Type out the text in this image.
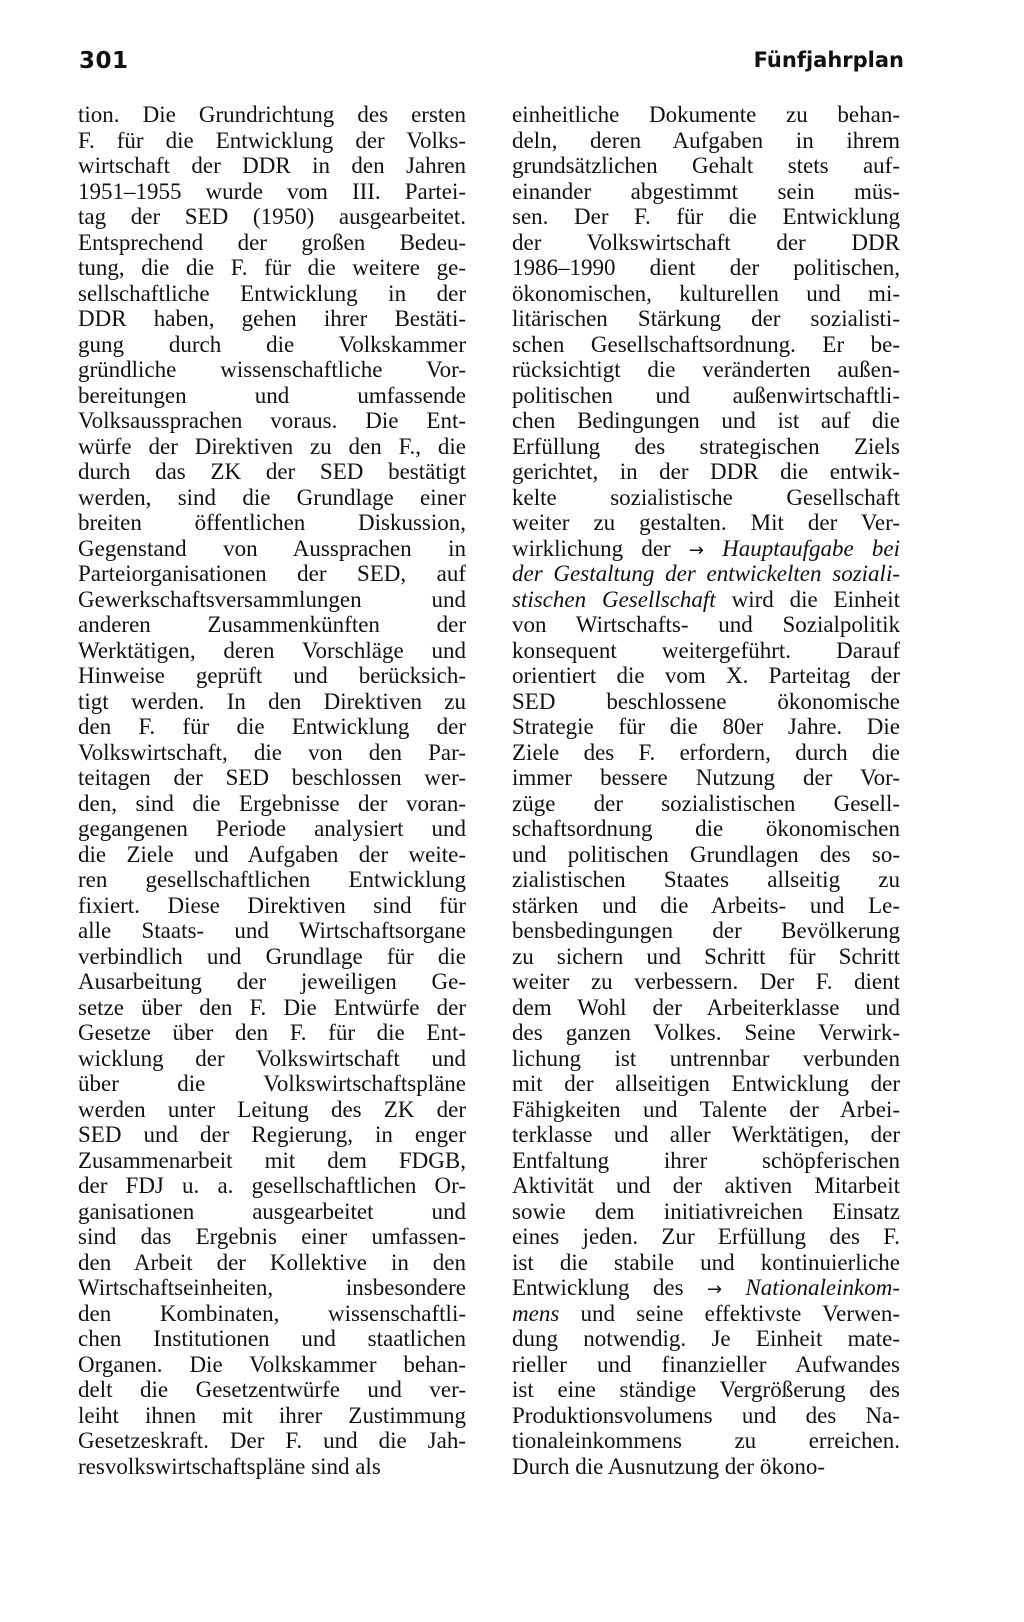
301	Fünfjahrplan
tion. Die Grundrichtung des ersten
F. für die Entwicklung der Volks-
wirtschaft der DDR in den Jahren
1951–1955 wurde vom III. Partei-
tag der SED (1950) ausgearbeitet.
Entsprechend der großen Bedeu-
tung, die die F. für die weitere ge-
sellschaftliche Entwicklung in der
DDR haben, gehen ihrer Bestäti-
gung durch die Volkskammer
gründliche wissenschaftliche Vor-
bereitungen und umfassende
Volksaussprachen voraus. Die Ent-
würfe der Direktiven zu den F., die
durch das ZK der SED bestätigt
werden, sind die Grundlage einer
breiten öffentlichen Diskussion,
Gegenstand von Aussprachen in
Parteiorganisationen der SED, auf
Gewerkschaftsversammlungen und
anderen Zusammenkünften der
Werktätigen, deren Vorschläge und
Hinweise geprüft und berücksich-
tigt werden. In den Direktiven zu
den F. für die Entwicklung der
Volkswirtschaft, die von den Par-
teitagen der SED beschlossen wer-
den, sind die Ergebnisse der voran-
gegangenen Periode analysiert und
die Ziele und Aufgaben der weite-
ren gesellschaftlichen Entwicklung
fixiert. Diese Direktiven sind für
alle Staats- und Wirtschaftsorgane
verbindlich und Grundlage für die
Ausarbeitung der jeweiligen Ge-
setze über den F. Die Entwürfe der
Gesetze über den F. für die Ent-
wicklung der Volkswirtschaft und
über die Volkswirtschaftspläne
werden unter Leitung des ZK der
SED und der Regierung, in enger
Zusammenarbeit mit dem FDGB,
der FDJ u. a. gesellschaftlichen Or-
ganisationen ausgearbeitet und
sind das Ergebnis einer umfassen-
den Arbeit der Kollektive in den
Wirtschaftseinheiten, insbesondere
den Kombinaten, wissenschaftli-
chen Institutionen und staatlichen
Organen. Die Volkskammer behan-
delt die Gesetzentwürfe und ver-
leiht ihnen mit ihrer Zustimmung
Gesetzeskraft. Der F. und die Jah-
resvolkswirtschaftspläne sind als
einheitliche Dokumente zu behan-
deln, deren Aufgaben in ihrem
grundsätzlichen Gehalt stets auf-
einander abgestimmt sein müs-
sen. Der F. für die Entwicklung
der Volkswirtschaft der DDR
1986–1990 dient der politischen,
ökonomischen, kulturellen und mi-
litärischen Stärkung der sozialisti-
schen Gesellschaftsordnung. Er be-
rücksichtigt die veränderten außen-
politischen und außenwirtschaftli-
chen Bedingungen und ist auf die
Erfüllung des strategischen Ziels
gerichtet, in der DDR die entwik-
kelte sozialistische Gesellschaft
weiter zu gestalten. Mit der Ver-
wirklichung der → Hauptaufgabe bei
der Gestaltung der entwickelten soziali-
stischen Gesellschaft wird die Einheit
von Wirtschafts- und Sozialpolitik
konsequent weitergeführt. Darauf
orientiert die vom X. Parteitag der
SED beschlossene ökonomische
Strategie für die 80er Jahre. Die
Ziele des F. erfordern, durch die
immer bessere Nutzung der Vor-
züge der sozialistischen Gesell-
schaftsordnung die ökonomischen
und politischen Grundlagen des so-
zialistischen Staates allseitig zu
stärken und die Arbeits- und Le-
bensbedingungen der Bevölkerung
zu sichern und Schritt für Schritt
weiter zu verbessern. Der F. dient
dem Wohl der Arbeiterklasse und
des ganzen Volkes. Seine Verwirk-
lichung ist untrennbar verbunden
mit der allseitigen Entwicklung der
Fähigkeiten und Talente der Arbei-
terklasse und aller Werktätigen, der
Entfaltung ihrer schöpferischen
Aktivität und der aktiven Mitarbeit
sowie dem initiativreichen Einsatz
eines jeden. Zur Erfüllung des F.
ist die stabile und kontinuierliche
Entwicklung des → Nationaleinkom-
mens und seine effektivste Verwen-
dung notwendig. Je Einheit mate-
rieller und finanzieller Aufwandes
ist eine ständige Vergrößerung des
Produktionsvolumens und des Na-
tionaleinkommens zu erreichen.
Durch die Ausnutzung der ökono-
